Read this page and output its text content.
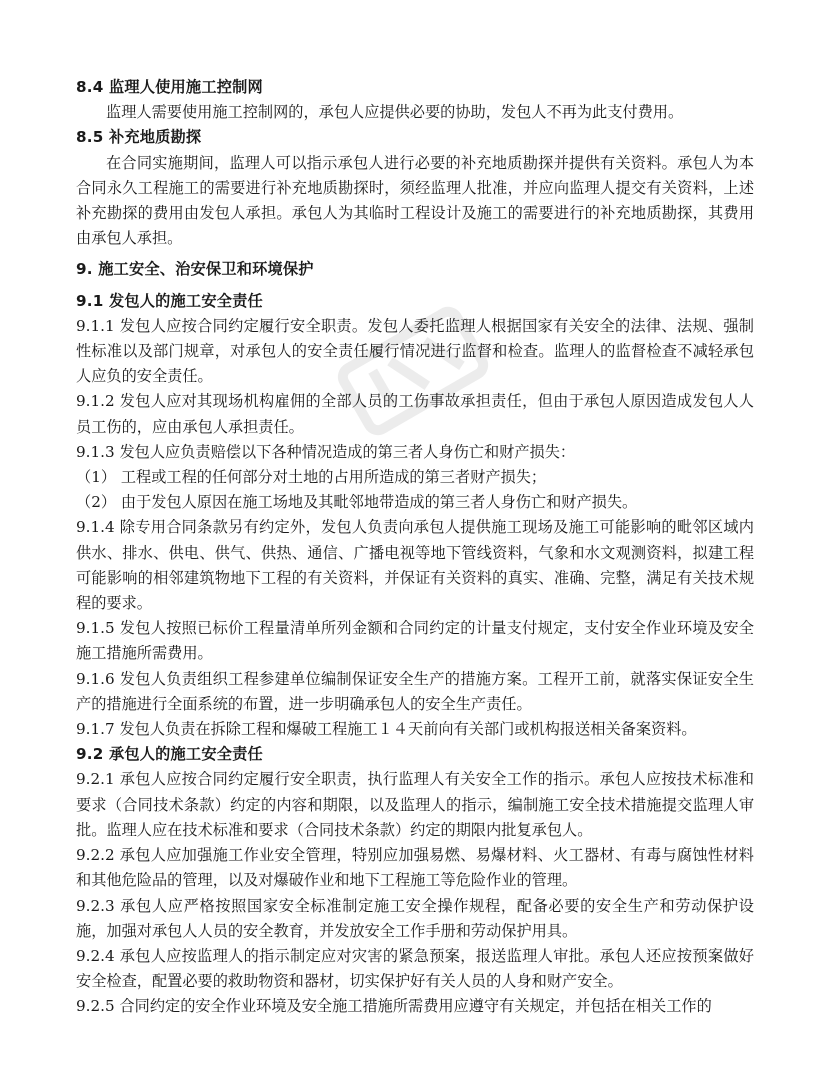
8.4 监理人使用施工控制网
监理人需要使用施工控制网的，承包人应提供必要的协助，发包人不再为此支付费用。
8.5 补充地质勘探
在合同实施期间，监理人可以指示承包人进行必要的补充地质勘探并提供有关资料。承包人为本合同永久工程施工的需要进行补充地质勘探时，须经监理人批准，并应向监理人提交有关资料，上述补充勘探的费用由发包人承担。承包人为其临时工程设计及施工的需要进行的补充地质勘探，其费用由承包人承担。
9. 施工安全、治安保卫和环境保护
9.1 发包人的施工安全责任
9.1.1 发包人应按合同约定履行安全职责。发包人委托监理人根据国家有关安全的法律、法规、强制性标准以及部门规章，对承包人的安全责任履行情况进行监督和检查。监理人的监督检查不减轻承包人应负的安全责任。
9.1.2 发包人应对其现场机构雇佣的全部人员的工伤事故承担责任，但由于承包人原因造成发包人人员工伤的，应由承包人承担责任。
9.1.3 发包人应负责赔偿以下各种情况造成的第三者人身伤亡和财产损失：
（1） 工程或工程的任何部分对土地的占用所造成的第三者财产损失；
（2） 由于发包人原因在施工场地及其毗邻地带造成的第三者人身伤亡和财产损失。
9.1.4 除专用合同条款另有约定外，发包人负责向承包人提供施工现场及施工可能影响的毗邻区域内供水、排水、供电、供气、供热、通信、广播电视等地下管线资料，气象和水文观测资料，拟建工程可能影响的相邻建筑物地下工程的有关资料，并保证有关资料的真实、准确、完整，满足有关技术规程的要求。
9.1.5 发包人按照已标价工程量清单所列金额和合同约定的计量支付规定，支付安全作业环境及安全施工措施所需费用。
9.1.6 发包人负责组织工程参建单位编制保证安全生产的措施方案。工程开工前，就落实保证安全生产的措施进行全面系统的布置，进一步明确承包人的安全生产责任。
9.1.7 发包人负责在拆除工程和爆破工程施工１４天前向有关部门或机构报送相关备案资料。
9.2 承包人的施工安全责任
9.2.1 承包人应按合同约定履行安全职责，执行监理人有关安全工作的指示。承包人应按技术标准和要求（合同技术条款）约定的内容和期限，以及监理人的指示，编制施工安全技术措施提交监理人审批。监理人应在技术标准和要求（合同技术条款）约定的期限内批复承包人。
9.2.2 承包人应加强施工作业安全管理，特别应加强易燃、易爆材料、火工器材、有毒与腐蚀性材料和其他危险品的管理，以及对爆破作业和地下工程施工等危险作业的管理。
9.2.3 承包人应严格按照国家安全标准制定施工安全操作规程，配备必要的安全生产和劳动保护设施，加强对承包人人员的安全教育，并发放安全工作手册和劳动保护用具。
9.2.4 承包人应按监理人的指示制定应对灾害的紧急预案，报送监理人审批。承包人还应按预案做好安全检查，配置必要的救助物资和器材，切实保护好有关人员的人身和财产安全。
9.2.5 合同约定的安全作业环境及安全施工措施所需费用应遵守有关规定，并包括在相关工作的
